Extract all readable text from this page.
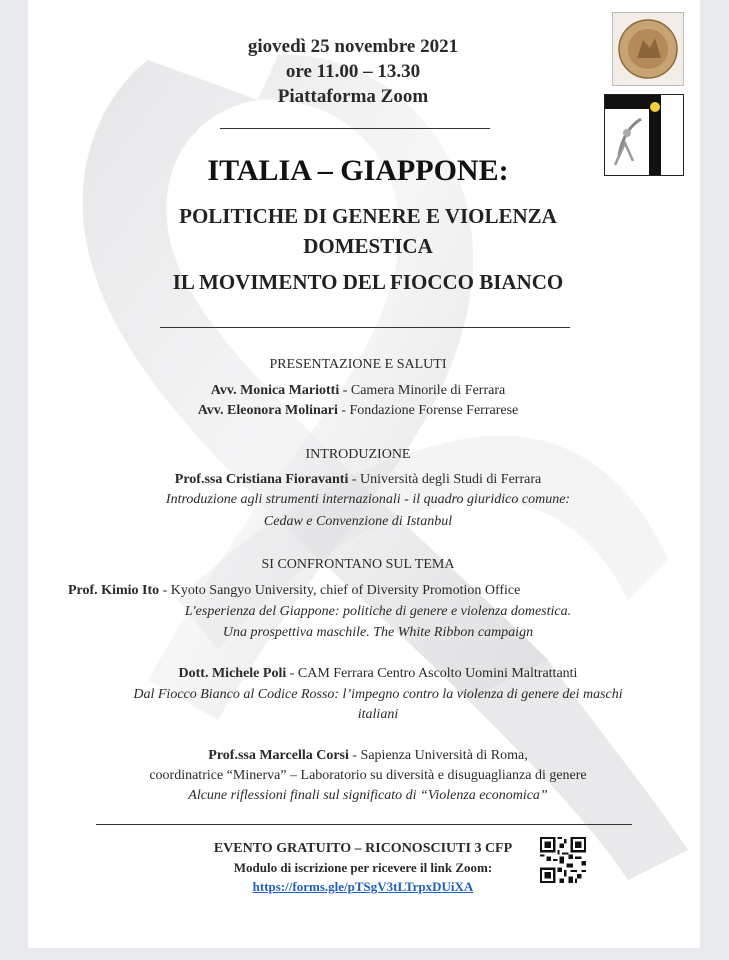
giovedì 25 novembre 2021
ore 11.00 – 13.30
Piattaforma Zoom
ITALIA – GIAPPONE:
POLITICHE DI GENERE E VIOLENZA
DOMESTICA
IL MOVIMENTO DEL FIOCCO BIANCO
PRESENTAZIONE E SALUTI
Avv. Monica Mariotti - Camera Minorile di Ferrara
Avv. Eleonora Molinari - Fondazione Forense Ferrarese
INTRODUZIONE
Prof.ssa Cristiana Fioravanti - Università degli Studi di Ferrara
Introduzione agli strumenti internazionali - il quadro giuridico comune:
Cedaw e Convenzione di Istanbul
SI CONFRONTANO SUL TEMA
Prof. Kimio Ito - Kyoto Sangyo University, chief of Diversity Promotion Office
L'esperienza del Giappone: politiche di genere e violenza domestica.
Una prospettiva maschile. The White Ribbon campaign
Dott. Michele Poli - CAM Ferrara Centro Ascolto Uomini Maltrattanti
Dal Fiocco Bianco al Codice Rosso: l’impegno contro la violenza di genere dei maschi
italiani
Prof.ssa Marcella Corsi - Sapienza Università di Roma,
coordinatrice “Minerva” – Laboratorio su diversità e disuguaglianza di genere
Alcune riflessioni finali sul significato di “Violenza economica”
EVENTO GRATUITO – RICONOSCIUTI 3 CFP
Modulo di iscrizione per ricevere il link Zoom:
https://forms.gle/pTSgV3tLTrpxDUiXA
